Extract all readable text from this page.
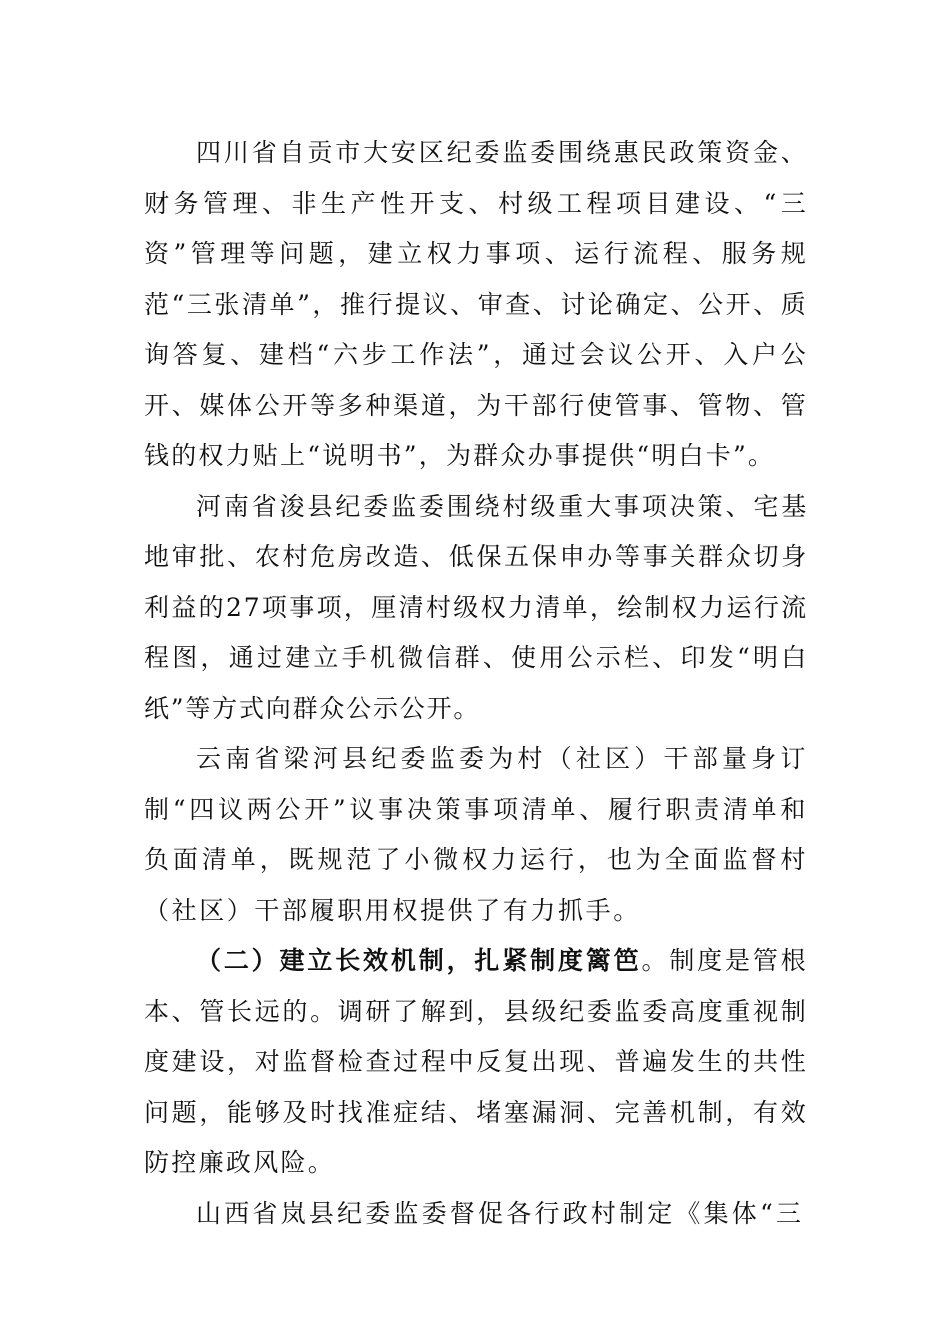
四川省自贡市大安区纪委监委围绕惠民政策资金、财务管理、非生产性开支、村级工程项目建设、“三资”管理等问题，建立权力事项、运行流程、服务规范“三张清单”，推行提议、审查、讨论确定、公开、质询答复、建档“六步工作法”，通过会议公开、入户公开、媒体公开等多种渠道，为干部行使管事、管物、管钱的权力贴上“说明书”，为群众办事提供“明白卡”。

河南省浚县纪委监委围绕村级重大事项决策、宅基地审批、农村危房改造、低保五保申办等事关群众切身利益的27项事项，厘清村级权力清单，绘制权力运行流程图，通过建立手机微信群、使用公示栏、印发“明白纸”等方式向群众公示公开。

云南省梁河县纪委监委为村（社区）干部量身订制“四议两公开”议事决策事项清单、履行职责清单和负面清单，既规范了小微权力运行，也为全面监督村（社区）干部履职用权提供了有力抓手。

（二）建立长效机制，扎紧制度篱笆。制度是管根本、管长远的。调研了解到，县级纪委监委高度重视制度建设，对监督检查过程中反复出现、普遍发生的共性问题，能够及时找准症结、堵塞漏洞、完善机制，有效防控廉政风险。

山西省岚县纪委监委督促各行政村制定《集体“三
